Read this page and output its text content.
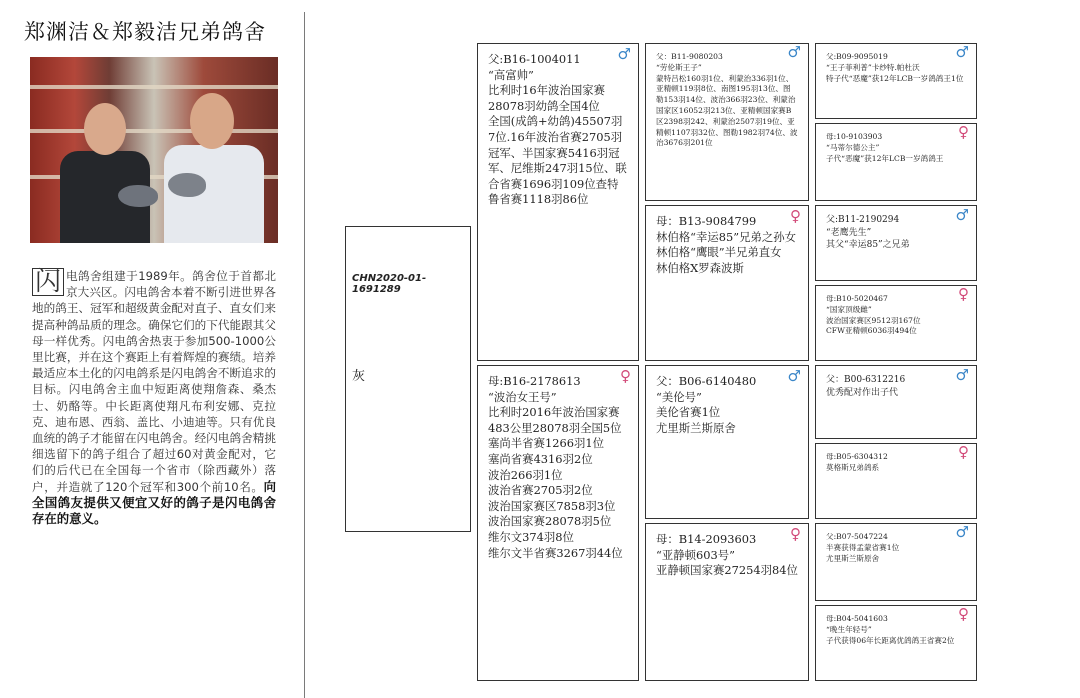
郑渊洁＆郑毅洁兄弟鸽舍
闪 电鸽舍组建于1989年。鸽舍位于首都北京大兴区。闪电鸽舍本着不断引进世界各地的鸽王、冠军和超级黄金配对直子、直女们来提高种鸽品质的理念。确保它们的下代能跟其父母一样优秀。闪电鸽舍热衷于参加500-1000公里比赛，并在这个赛距上有着辉煌的赛绩。培养最适应本土化的闪电鸽系是闪电鸽舍不断追求的目标。闪电鸽舍主血中短距离使翔詹森、桑杰士、奶酪等。中长距离使翔凡布利安娜、克拉克、迪布恩、西翁、盖比、小迪迪等。只有优良血统的鸽子才能留在闪电鸽舍。经闪电鸽舍精挑细选留下的鸽子组合了超过60对黄金配对，它们的后代已在全国每一个省市（除西藏外）落户，并造就了120个冠军和300个前10名。向全国鸽友提供又便宜又好的鸽子是闪电鸽舍存在的意义。
CHN2020-01-1691289
灰
♂
父:B16-1004011
“高富帅”
比利时16年波治国家赛
28078羽幼鸽全国4位
全国(成鸽+幼鸽)45507羽7位.16年波治省赛2705羽冠军、半国家赛5416羽冠军、尼维斯247羽15位、联合省赛1696羽109位查特鲁省赛1118羽86位
♀
母:B16-2178613
“波治女王号”
比利时2016年波治国家赛483公里28078羽全国5位
塞尚半省赛1266羽1位
塞尚省赛4316羽2位
波治266羽1位
波治省赛2705羽2位
波治国家赛区7858羽3位
波治国家赛28078羽5位
维尔文374羽8位
维尔文半省赛3267羽44位
♂
父：B11-9080203
“劳伦斯王子”
蒙特吕松160羽1位、利蒙治336羽1位、亚精顿119羽8位、南图195羽13位、图勒153羽14位、波治366羽23位、利蒙治国家区16052羽213位、亚精顿国家赛B区2398羽242、利蒙治2507羽19位、亚精顿1107羽32位、图勒1982羽74位、波治3676羽201位
♀
母：B13-9084799
林伯格“幸运85”兄弟之孙女
林伯格“鹰眼”半兄弟直女
林伯格X罗森波斯
♂
父：B06-6140480
“美伦号”
美伦省赛1位
尤里斯兰斯原舍
♀
母：B14-2093603
“亚静顿603号”
亚静顿国家赛27254羽84位
♂
父:B09-9095019
“王子菲利普”卡纱特.帕杜沃
特子代“恶魔”获12年LCB一岁鸽鸽王1位
♀
母:10-9103903
“马蒂尔德公主”
子代“恶魔”获12年LCB一岁鸽鸽王
♂
父:B11-2190294
“老鹰先生”
其父“幸运85”之兄弟
♀
母:B10-5020467
“国家顶级雌”
波治国家赛区9512羽167位
CFW亚精顿6036羽494位
♂
父：B00-6312216
优秀配对作出子代
♀
母:B05-6304312
莫格斯兄弟鸽系
♂
父:B07-5047224
半赛获得孟蒙省赛1位
尤里斯兰斯原舍
♀
母:B04-5041603
“晚生年轻号”
子代获得06年长距离优鸽鸽王省赛2位
